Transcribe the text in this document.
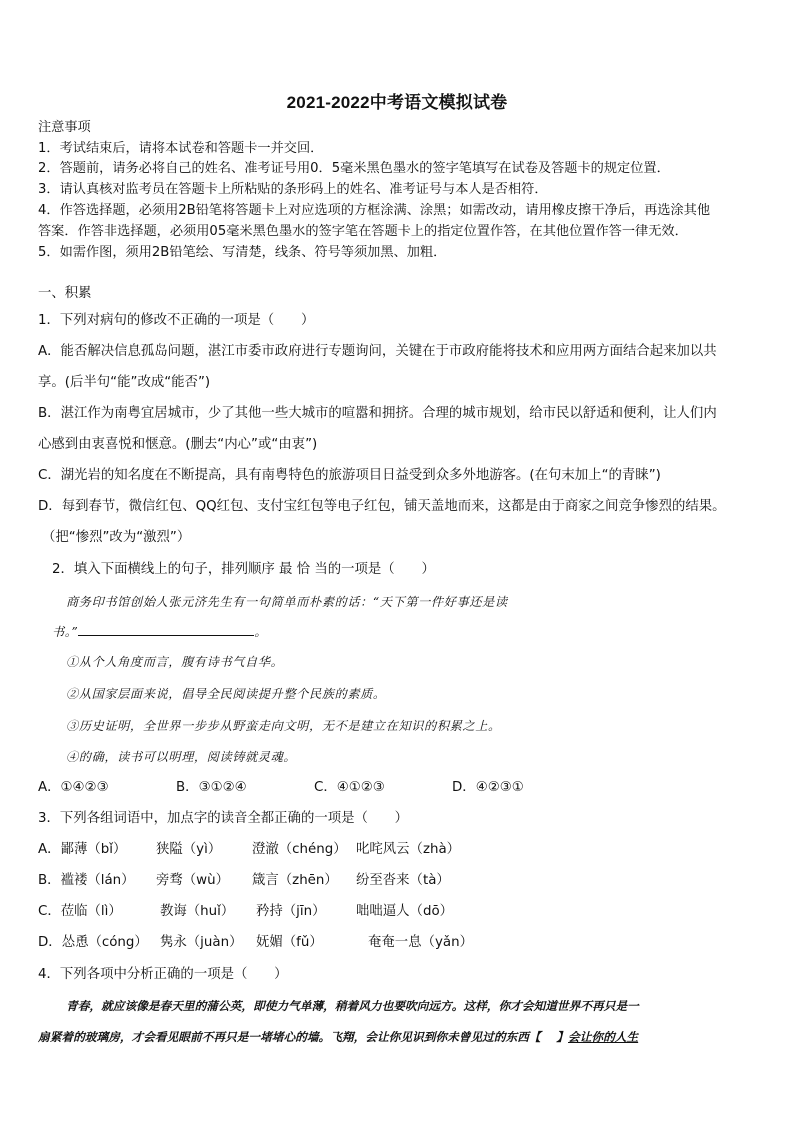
2021-2022中考语文模拟试卷
注意事项
1．考试结束后，请将本试卷和答题卡一并交回．
2．答题前，请务必将自己的姓名、准考证号用0．5毫米黑色墨水的签字笔填写在试卷及答题卡的规定位置．
3．请认真核对监考员在答题卡上所粘贴的条形码上的姓名、准考证号与本人是否相符．
4．作答选择题，必须用2B铅笔将答题卡上对应选项的方框涂满、涂黑；如需改动，请用橡皮擦干净后，再选涂其他
答案．作答非选择题，必须用05毫米黑色墨水的签字笔在答题卡上的指定位置作答，在其他位置作答一律无效．
5．如需作图，须用2B铅笔绘、写清楚，线条、符号等须加黑、加粗．
一、积累
1．下列对病句的修改不正确的一项是（　　）
A．能否解决信息孤岛问题，湛江市委市政府进行专题询问，关键在于市政府能将技术和应用两方面结合起来加以共
享。(后半句“能”改成“能否”)
B．湛江作为南粤宜居城市，少了其他一些大城市的喧嚣和拥挤。合理的城市规划，给市民以舒适和便利，让人们内
心感到由衷喜悦和惬意。(删去“内心”或“由衷”)
C．湖光岩的知名度在不断提高，具有南粤特色的旅游项目日益受到众多外地游客。(在句末加上“的青睐”)
D．每到春节，微信红包、QQ红包、支付宝红包等电子红包，铺天盖地而来，这都是由于商家之间竞争惨烈的结果。
（把“惨烈”改为“激烈”）
2．填入下面横线上的句子，排列顺序 最 恰 当的一项是（　　）
商务印书馆创始人张元济先生有一句简单而朴素的话：“天下第一件好事还是读
书。”	。
①从个人角度而言，腹有诗书气自华。
②从国家层面来说，倡导全民阅读提升整个民族的素质。
③历史证明，全世界一步步从野蛮走向文明，无不是建立在知识的积累之上。
④的确，读书可以明理，阅读铸就灵魂。
A．①④②③	B．③①②④	C．④①②③	D．④②③①
3．下列各组词语中，加点字的读音全都正确的一项是（　　）
A．鄙薄（bǐ） 狭隘（yì） 澄澈（chéng） 叱咤风云（zhà）
B．褴褛（lán） 旁骛（wù） 箴言（zhēn） 纷至沓来（tà）
C．莅临（lì）	教诲（huǐ） 矜持（jīn） 咄咄逼人（dō）
D．怂恿（cóng） 隽永（juàn） 妩媚（fǔ）	奄奄一息（yǎn）
4．下列各项中分析正确的一项是（　　）
青春，就应该像是春天里的蒲公英，即使力气单薄，稍着风力也要吹向远方。这样，你才会知道世界不再只是一
扇紧着的玻璃房，才会看见眼前不再只是一堵堵心的墙。飞翔，会让你见识到你未曾见过的东西【　 】会让你的人生
